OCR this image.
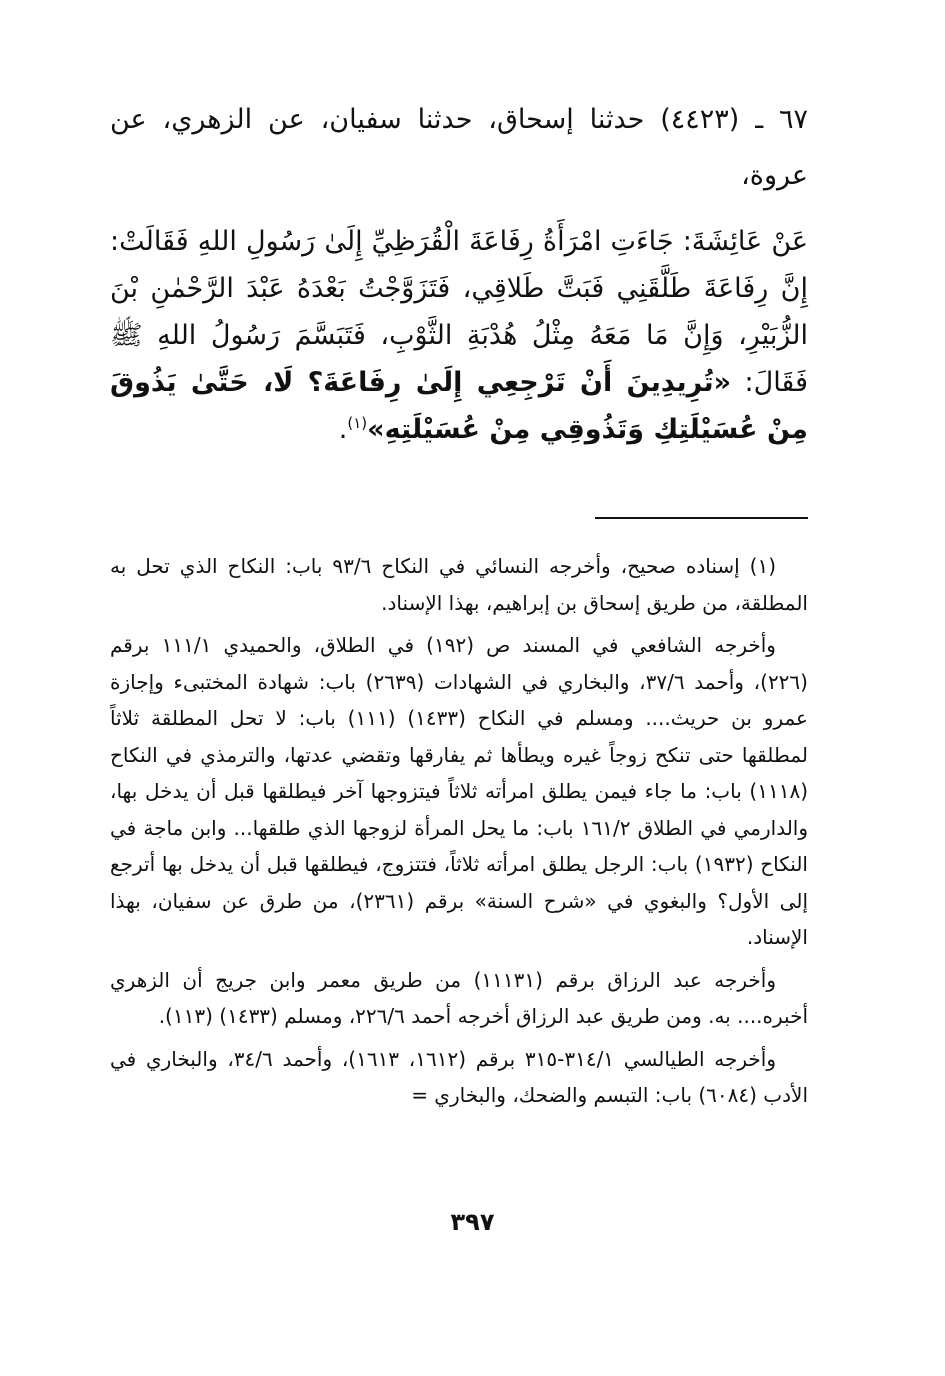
٦٧ ـ (٤٤٢٣) حدثنا إسحاق، حدثنا سفيان، عن الزهري، عن عروة،

عَنْ عَائِشَةَ: جَاءَتِ امْرَأَةُ رِفَاعَةَ الْقُرَظِيِّ إِلَىٰ رَسُولِ اللهِ فَقَالَتْ: إِنَّ رِفَاعَةَ طَلَّقَنِي فَبَتَّ طَلاقِي، فَتَزَوَّجْتُ بَعْدَهُ عَبْدَ الرَّحْمٰنِ بْنَ الزُّبَيْرِ، وَإِنَّ مَا مَعَهُ مِثْلُ هُدْبَةِ الثَّوْبِ، فَتَبَسَّمَ رَسُولُ اللهِ ﷺ فَقَالَ: «تُرِيدِينَ أَنْ تَرْجِعِي إِلَىٰ رِفَاعَةَ؟ لَا، حَتَّىٰ يَذُوقَ مِنْ عُسَيْلَتِكِ وَتَذُوقِي مِنْ عُسَيْلَتِهِ»$^{(١)}$.

(١) إسناده صحيح، وأخرجه النسائي في النكاح ٩٣/٦ باب: النكاح الذي تحل به المطلقة، من طريق إسحاق بن إبراهيم، بهذا الإسناد.

وأخرجه الشافعي في المسند ص (١٩٢) في الطلاق، والحميدي ١١١/١ برقم (٢٢٦)، وأحمد ٣٧/٦، والبخاري في الشهادات (٢٦٣٩) باب: شهادة المختبىء وإجازة عمرو بن حريث.... ومسلم في النكاح (١٤٣٣) (١١١) باب: لا تحل المطلقة ثلاثاً لمطلقها حتى تنكح زوجاً غيره ويطأها ثم يفارقها وتقضي عدتها، والترمذي في النكاح (١١١٨) باب: ما جاء فيمن يطلق امرأته ثلاثاً فيتزوجها آخر فيطلقها قبل أن يدخل بها، والدارمي في الطلاق ١٦١/٢ باب: ما يحل المرأة لزوجها الذي طلقها... وابن ماجة في النكاح (١٩٣٢) باب: الرجل يطلق امرأته ثلاثاً، فتتزوج، فيطلقها قبل أن يدخل بها أترجع إلى الأول؟ والبغوي في «شرح السنة» برقم (٢٣٦١)، من طرق عن سفيان، بهذا الإسناد.

وأخرجه عبد الرزاق برقم (١١١٣١) من طريق معمر وابن جريج أن الزهري أخبره.... به. ومن طريق عبد الرزاق أخرجه أحمد ٢٢٦/٦، ومسلم (١٤٣٣) (١١٣).

وأخرجه الطيالسي ٣١٤/١-٣١٥ برقم (١٦١٢، ١٦١٣)، وأحمد ٣٤/٦، والبخاري في الأدب (٦٠٨٤) باب: التبسم والضحك، والبخاري =

٣٩٧
